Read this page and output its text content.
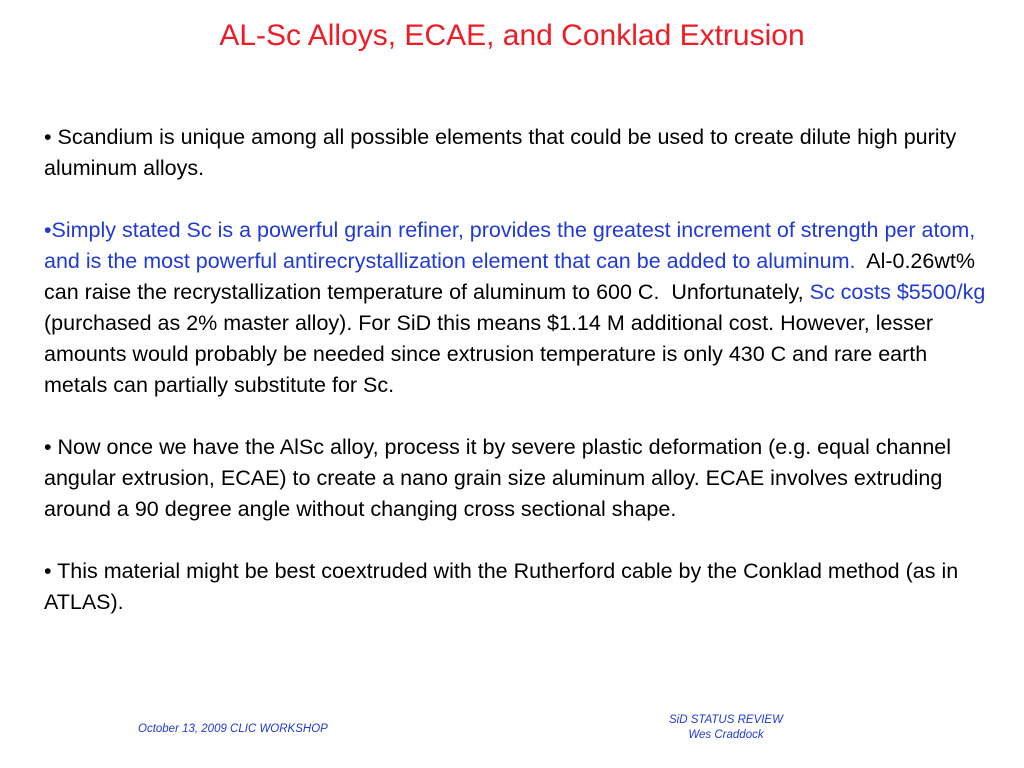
AL-Sc Alloys, ECAE, and Conklad Extrusion

• Scandium is unique among all possible elements that could be used to create dilute high purity aluminum alloys.

•Simply stated Sc is a powerful grain refiner, provides the greatest increment of strength per atom, and is the most powerful antirecrystallization element that can be added to aluminum.  Al-0.26wt% can raise the recrystallization temperature of aluminum to 600 C.  Unfortunately, Sc costs $5500/kg (purchased as 2% master alloy). For SiD this means $1.14 M additional cost. However, lesser amounts would probably be needed since extrusion temperature is only 430 C and rare earth metals can partially substitute for Sc.

• Now once we have the AlSc alloy, process it by severe plastic deformation (e.g. equal channel angular extrusion, ECAE) to create a nano grain size aluminum alloy. ECAE involves extruding around a 90 degree angle without changing cross sectional shape.

• This material might be best coextruded with the Rutherford cable by the Conklad method (as in ATLAS).

October 13, 2009 CLIC WORKSHOP
SiD STATUS REVIEW
Wes Craddock
